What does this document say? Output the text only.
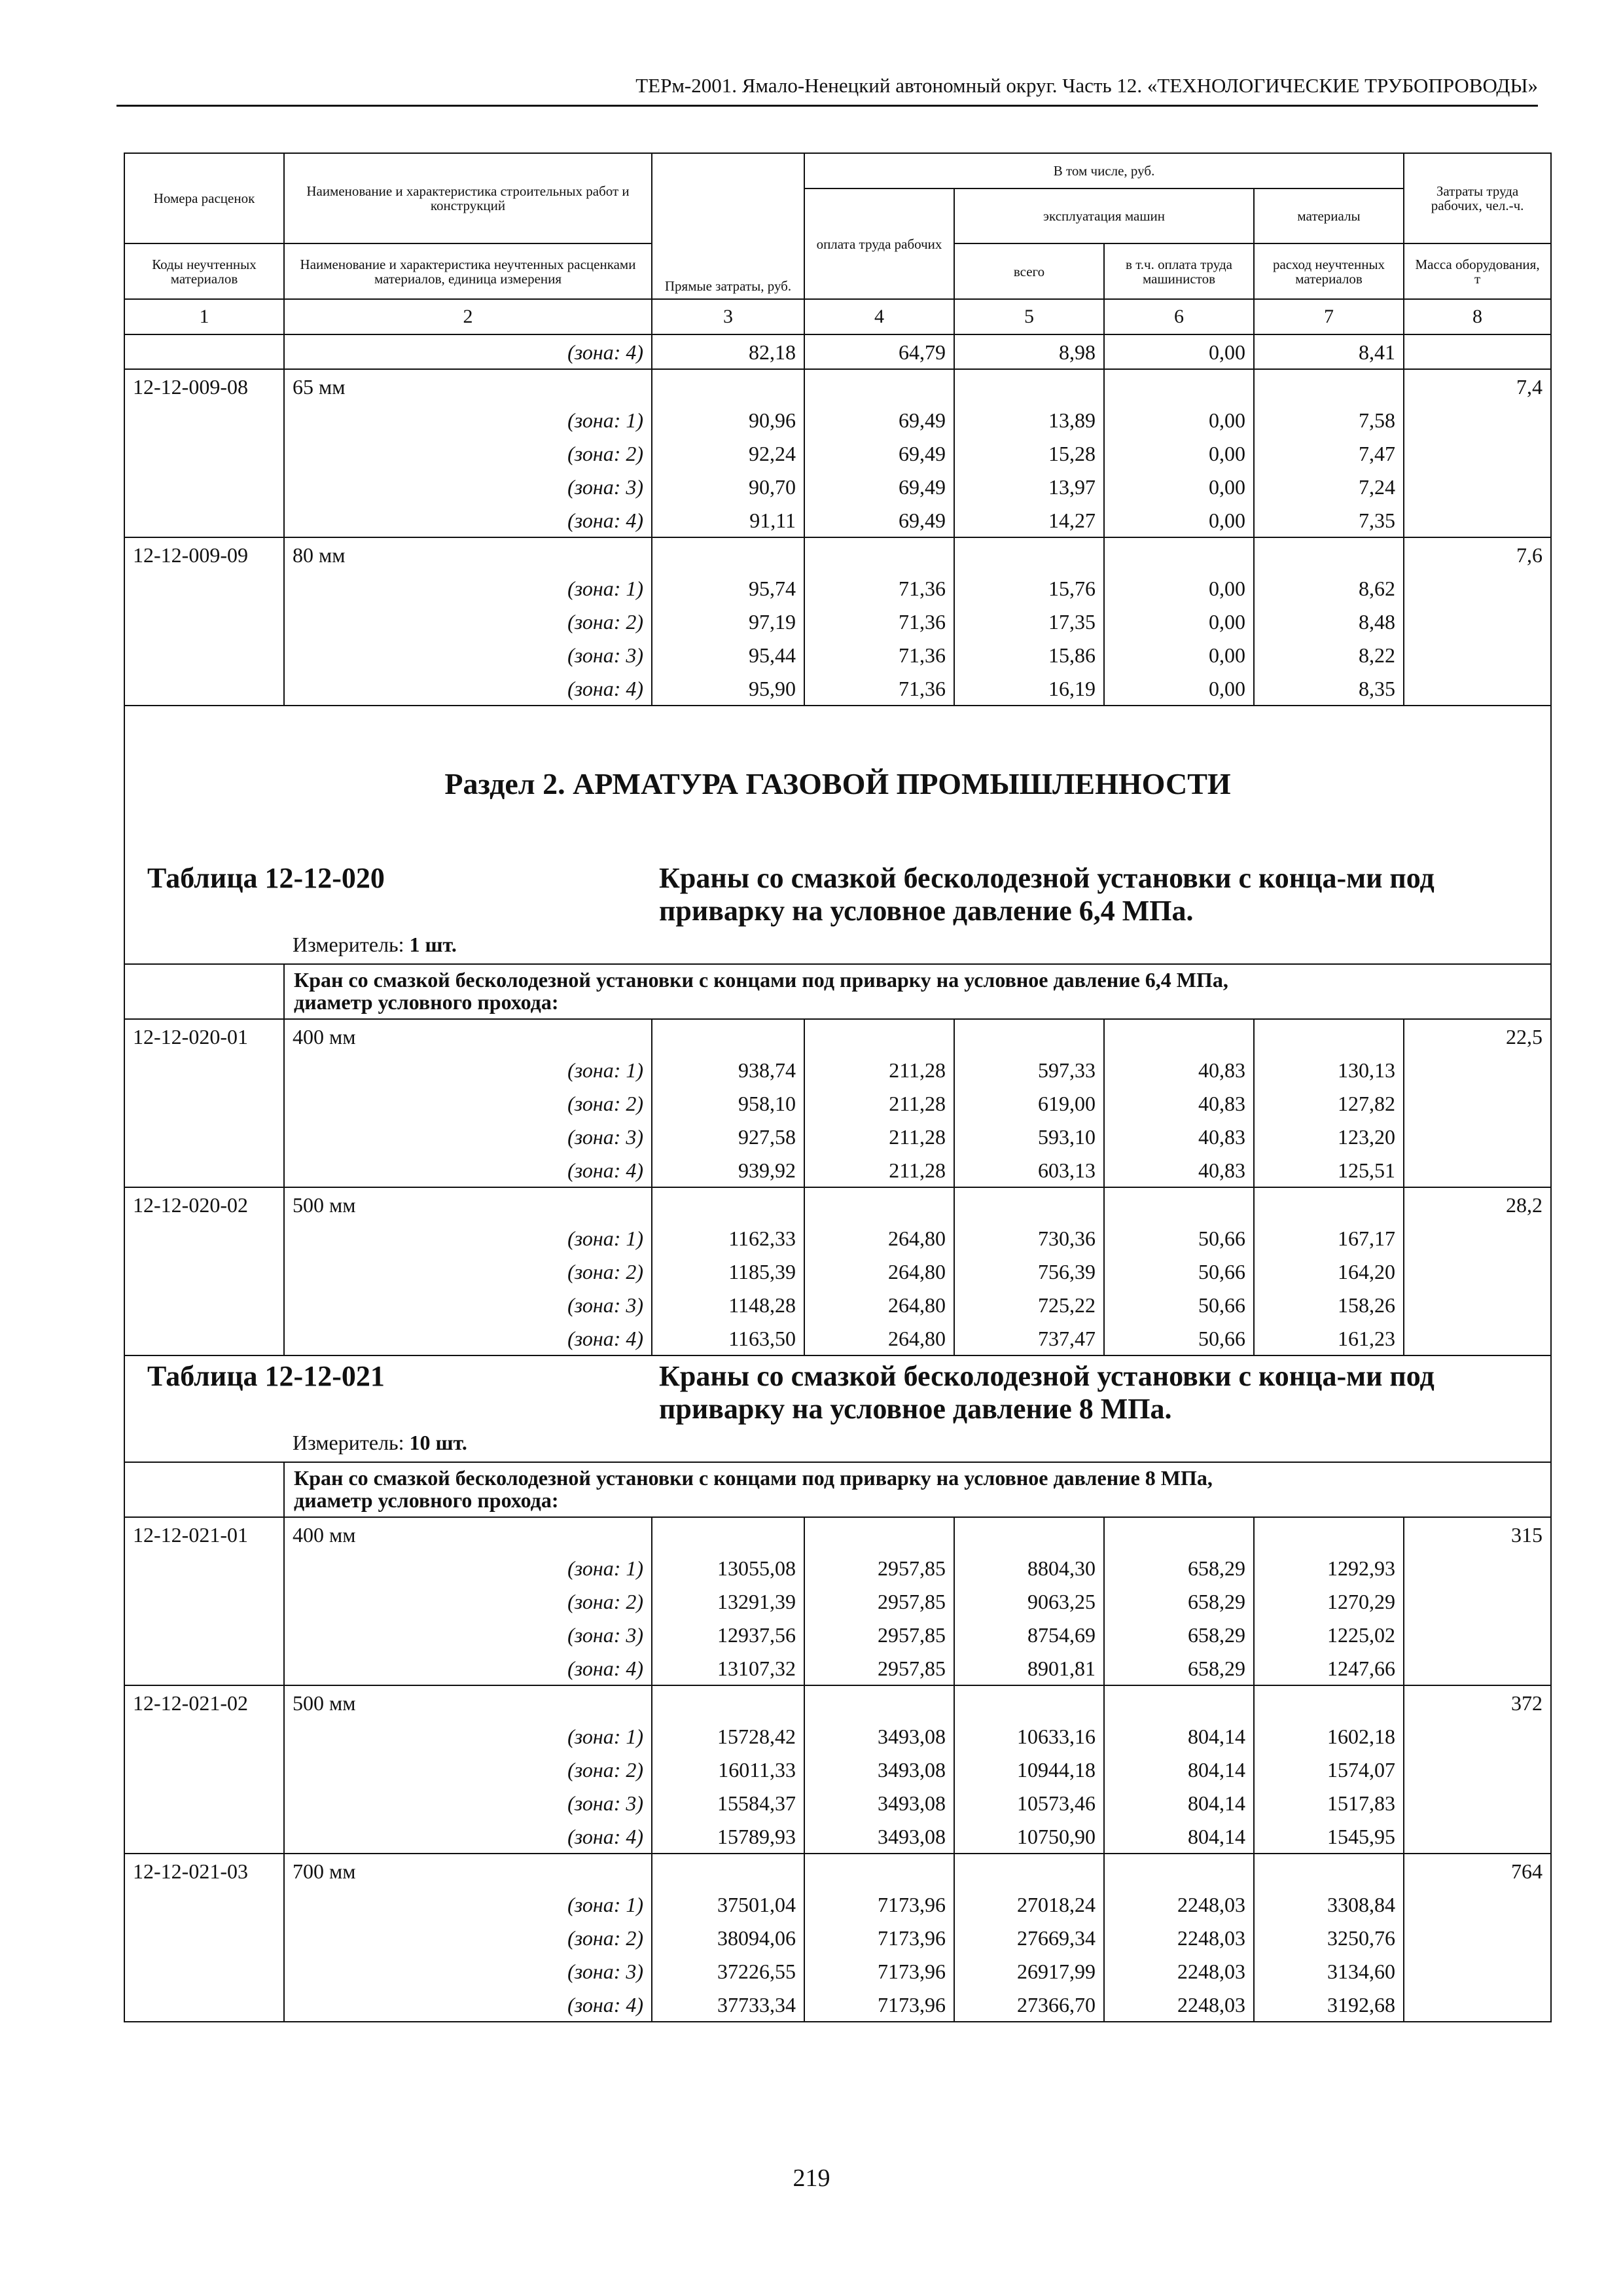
ТЕРм-2001. Ямало-Ненецкий автономный округ. Часть 12. «ТЕХНОЛОГИЧЕСКИЕ ТРУБОПРОВОДЫ»
Номера расценок	Наименование и характеристика строительных работ и конструкций	Прямые затраты, руб.	В том числе, руб.				Затраты труда рабочих, чел.-ч.
			оплата труда рабочих	эксплуатация машин		материалы	
Коды неучтенных материалов	Наименование и характеристика неучтенных расценками материалов, единица измерения			всего	в т.ч. оплата труда машинистов	расход неучтенных материалов	Масса оборудования, т
1	2	3	4	5	6	7	8
	(зона: 4)	82,18	64,79	8,98	0,00	8,41	
12-12-009-08	65 мм						7,4
	(зона: 1)	90,96	69,49	13,89	0,00	7,58	
	(зона: 2)	92,24	69,49	15,28	0,00	7,47	
	(зона: 3)	90,70	69,49	13,97	0,00	7,24	
	(зона: 4)	91,11	69,49	14,27	0,00	7,35	
12-12-009-09	80 мм						7,6
	(зона: 1)	95,74	71,36	15,76	0,00	8,62	
	(зона: 2)	97,19	71,36	17,35	0,00	8,48	
	(зона: 3)	95,44	71,36	15,86	0,00	8,22	
	(зона: 4)	95,90	71,36	16,19	0,00	8,35	

Раздел 2. АРМАТУРА ГАЗОВОЙ ПРОМЫШЛЕННОСТИ
Таблица 12-12-020 Краны со смазкой бесколодезной установки с конца-ми под приварку на условное давление 6,4 МПа.
Измеритель: 1 шт.							

	Кран со смазкой бесколодезной установки с концами под приварку на условное давление 6,4 МПа,
диаметр условного прохода:						

12-12-020-01	400 мм						22,5
	(зона: 1)	938,74	211,28	597,33	40,83	130,13	
	(зона: 2)	958,10	211,28	619,00	40,83	127,82	
	(зона: 3)	927,58	211,28	593,10	40,83	123,20	
	(зона: 4)	939,92	211,28	603,13	40,83	125,51	
12-12-020-02	500 мм						28,2
	(зона: 1)	1162,33	264,80	730,36	50,66	167,17	
	(зона: 2)	1185,39	264,80	756,39	50,66	164,20	
	(зона: 3)	1148,28	264,80	725,22	50,66	158,26	
	(зона: 4)	1163,50	264,80	737,47	50,66	161,23	

Таблица 12-12-021 Краны со смазкой бесколодезной установки с конца-ми под приварку на условное давление 8 МПа.
Измеритель: 10 шт.							

	Кран со смазкой бесколодезной установки с концами под приварку на условное давление 8 МПа,
диаметр условного прохода:						

12-12-021-01	400 мм						315
	(зона: 1)	13055,08	2957,85	8804,30	658,29	1292,93	
	(зона: 2)	13291,39	2957,85	9063,25	658,29	1270,29	
	(зона: 3)	12937,56	2957,85	8754,69	658,29	1225,02	
	(зона: 4)	13107,32	2957,85	8901,81	658,29	1247,66	
12-12-021-02	500 мм						372
	(зона: 1)	15728,42	3493,08	10633,16	804,14	1602,18	
	(зона: 2)	16011,33	3493,08	10944,18	804,14	1574,07	
	(зона: 3)	15584,37	3493,08	10573,46	804,14	1517,83	
	(зона: 4)	15789,93	3493,08	10750,90	804,14	1545,95	
12-12-021-03	700 мм						764
	(зона: 1)	37501,04	7173,96	27018,24	2248,03	3308,84	
	(зона: 2)	38094,06	7173,96	27669,34	2248,03	3250,76	
	(зона: 3)	37226,55	7173,96	26917,99	2248,03	3134,60	
	(зона: 4)	37733,34	7173,96	27366,70	2248,03	3192,68	
219
